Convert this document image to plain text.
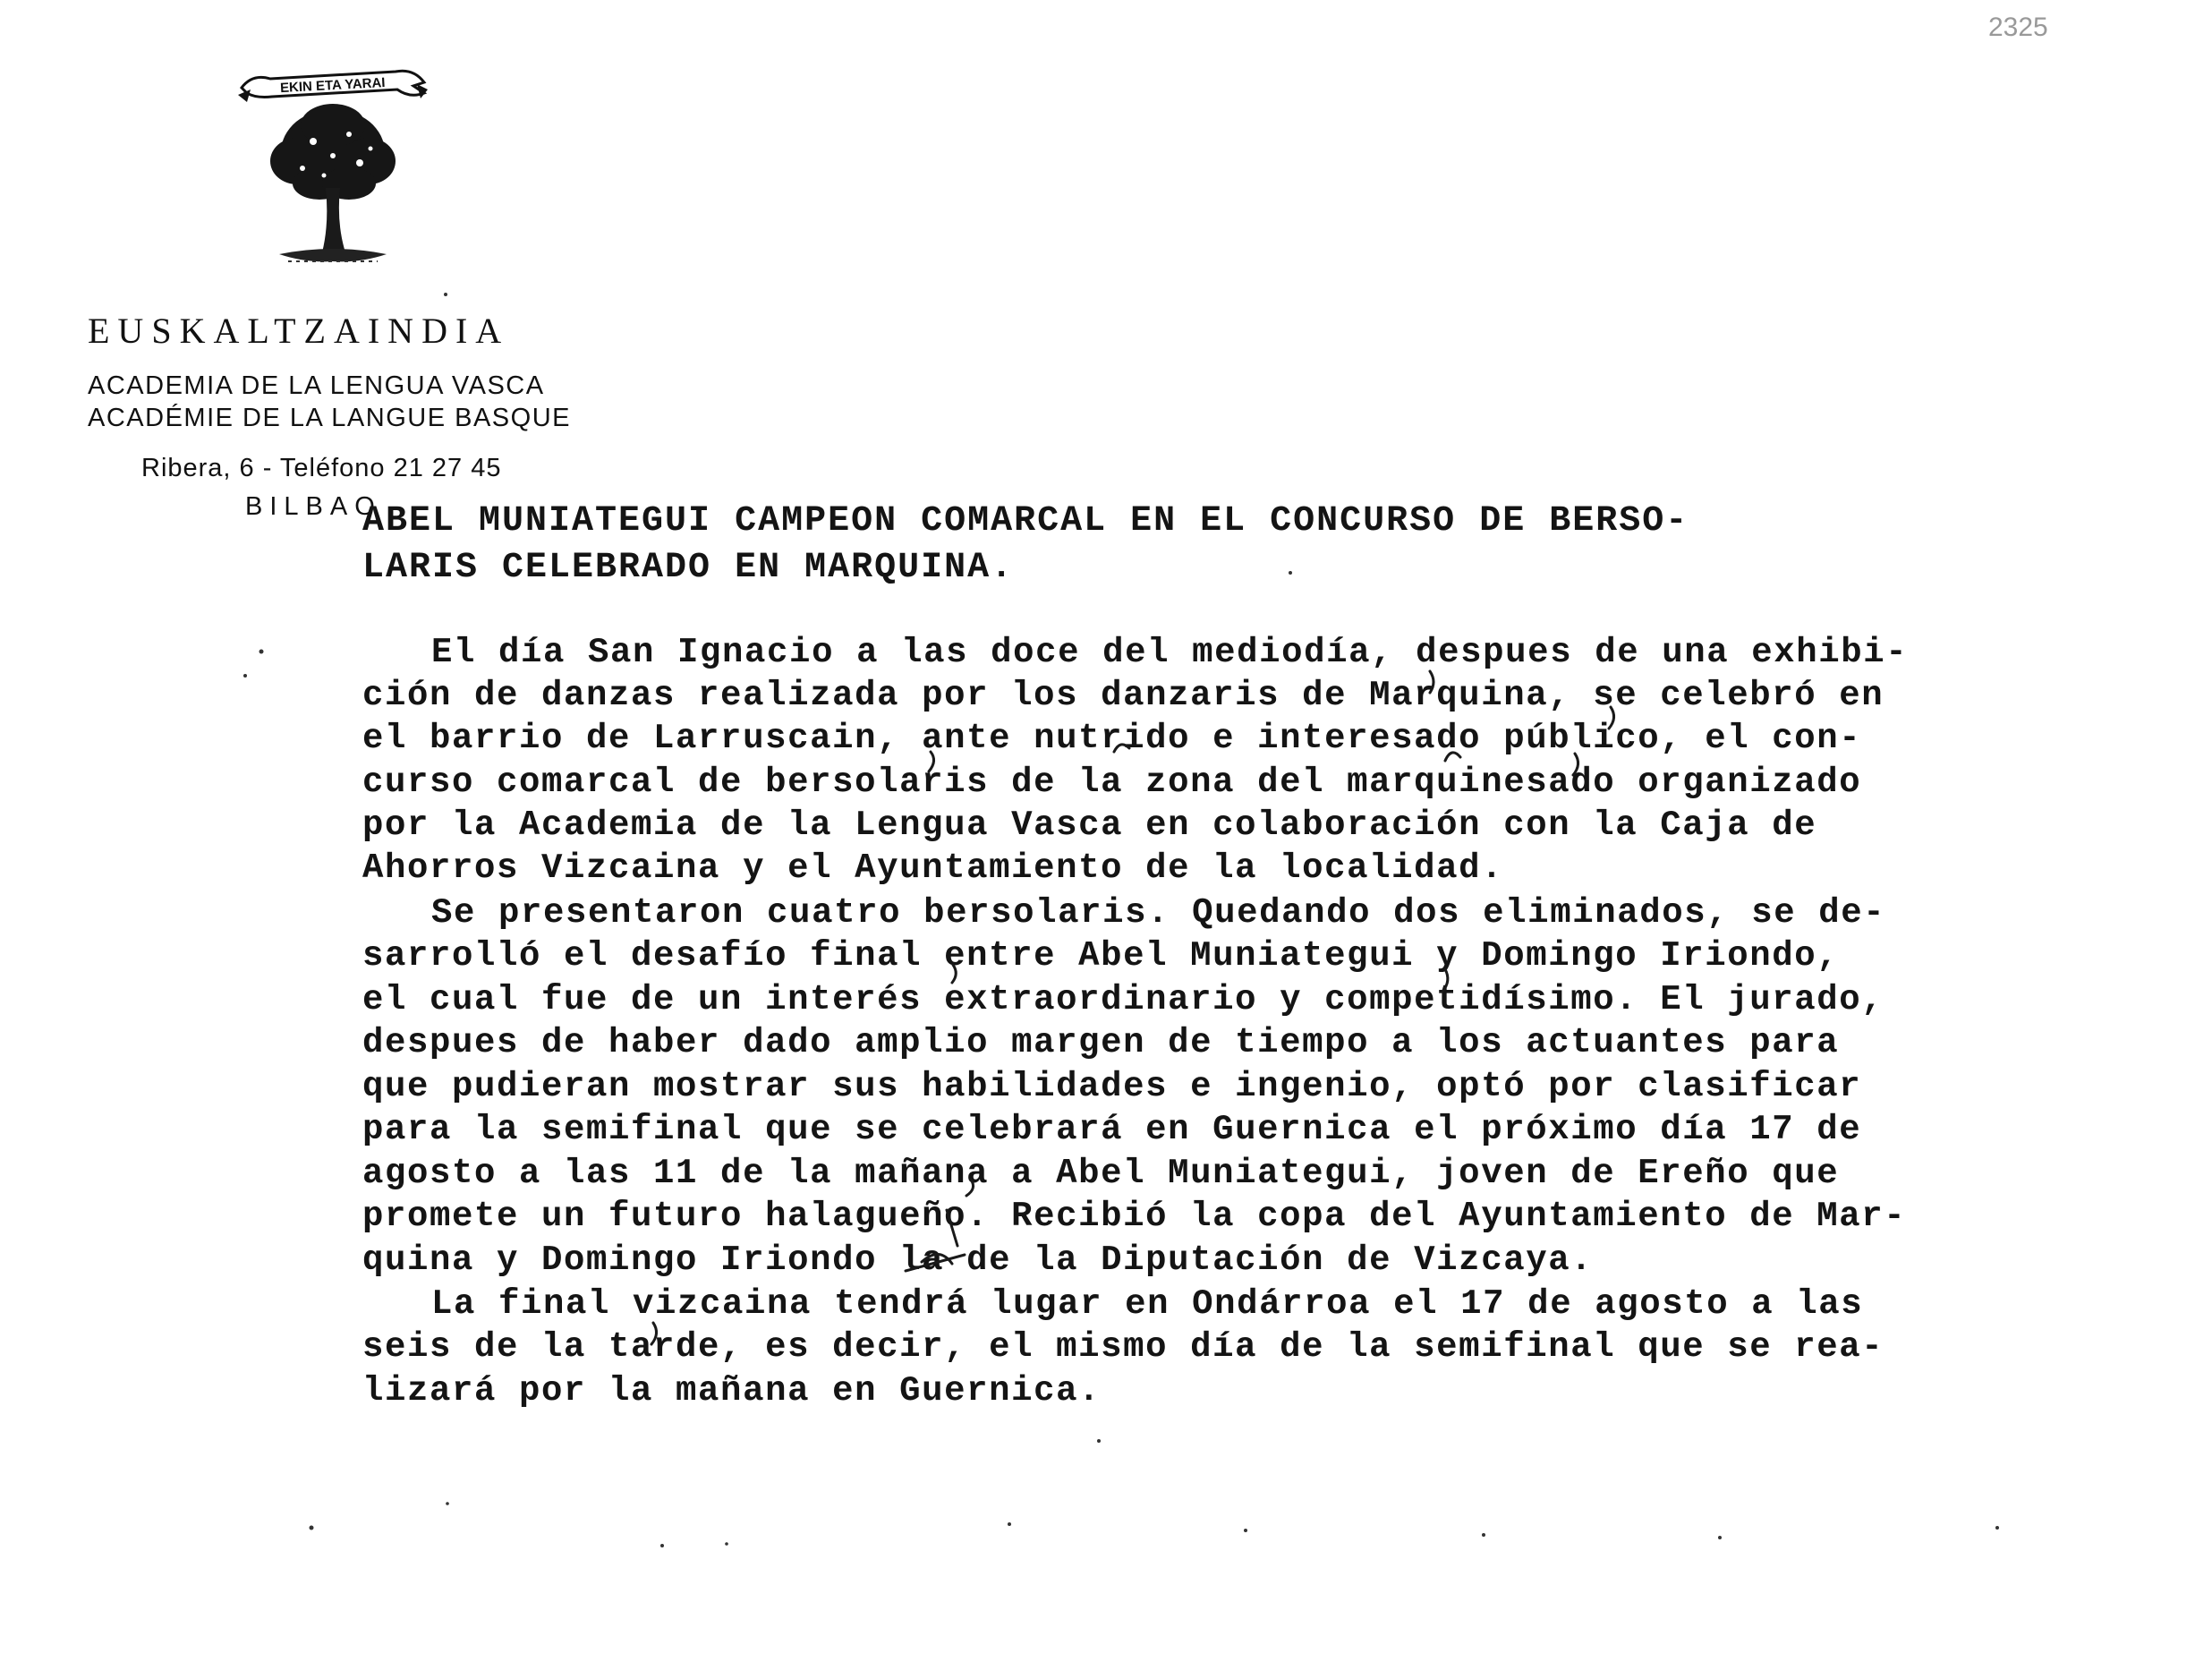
EKIN ETA YARAI
2325
EUSKALTZAINDIA
ACADEMIA DE LA LENGUA VASCA
ACADÉMIE DE LA LANGUE BASQUE
Ribera, 6 - Teléfono 21 27 45
BILBAO
ABEL MUNIATEGUI CAMPEON COMARCAL EN EL CONCURSO DE BERSO-
LARIS CELEBRADO EN MARQUINA.
El día San Ignacio a las doce del mediodía, despues de una exhibi-
ción de danzas realizada por los danzaris de Marquina, se celebró en
el barrio de Larruscain, ante nutrido e interesado público, el con-
curso comarcal de bersolaris de la zona del marquinesado organizado
por la Academia de la Lengua Vasca en colaboración con la Caja de
Ahorros Vizcaina y el Ayuntamiento de la localidad.
Se presentaron cuatro bersolaris. Quedando dos eliminados, se de-
sarrolló el desafío final entre Abel Muniategui y Domingo Iriondo,
el cual fue de un interés extraordinario y competidísimo. El jurado,
despues de haber dado amplio margen de tiempo a los actuantes para
que pudieran mostrar sus habilidades e ingenio, optó por clasificar
para la semifinal que se celebrará en Guernica el próximo día 17 de
agosto a las 11 de la mañana a Abel Muniategui, joven de Ereño que
promete un futuro halagueño. Recibió la copa del Ayuntamiento de Mar-
quina y Domingo Iriondo la de la Diputación de Vizcaya.
La final vizcaina tendrá lugar en Ondárroa el 17 de agosto a las
seis de la tarde, es decir, el mismo día de la semifinal que se rea-
lizará por la mañana en Guernica.
